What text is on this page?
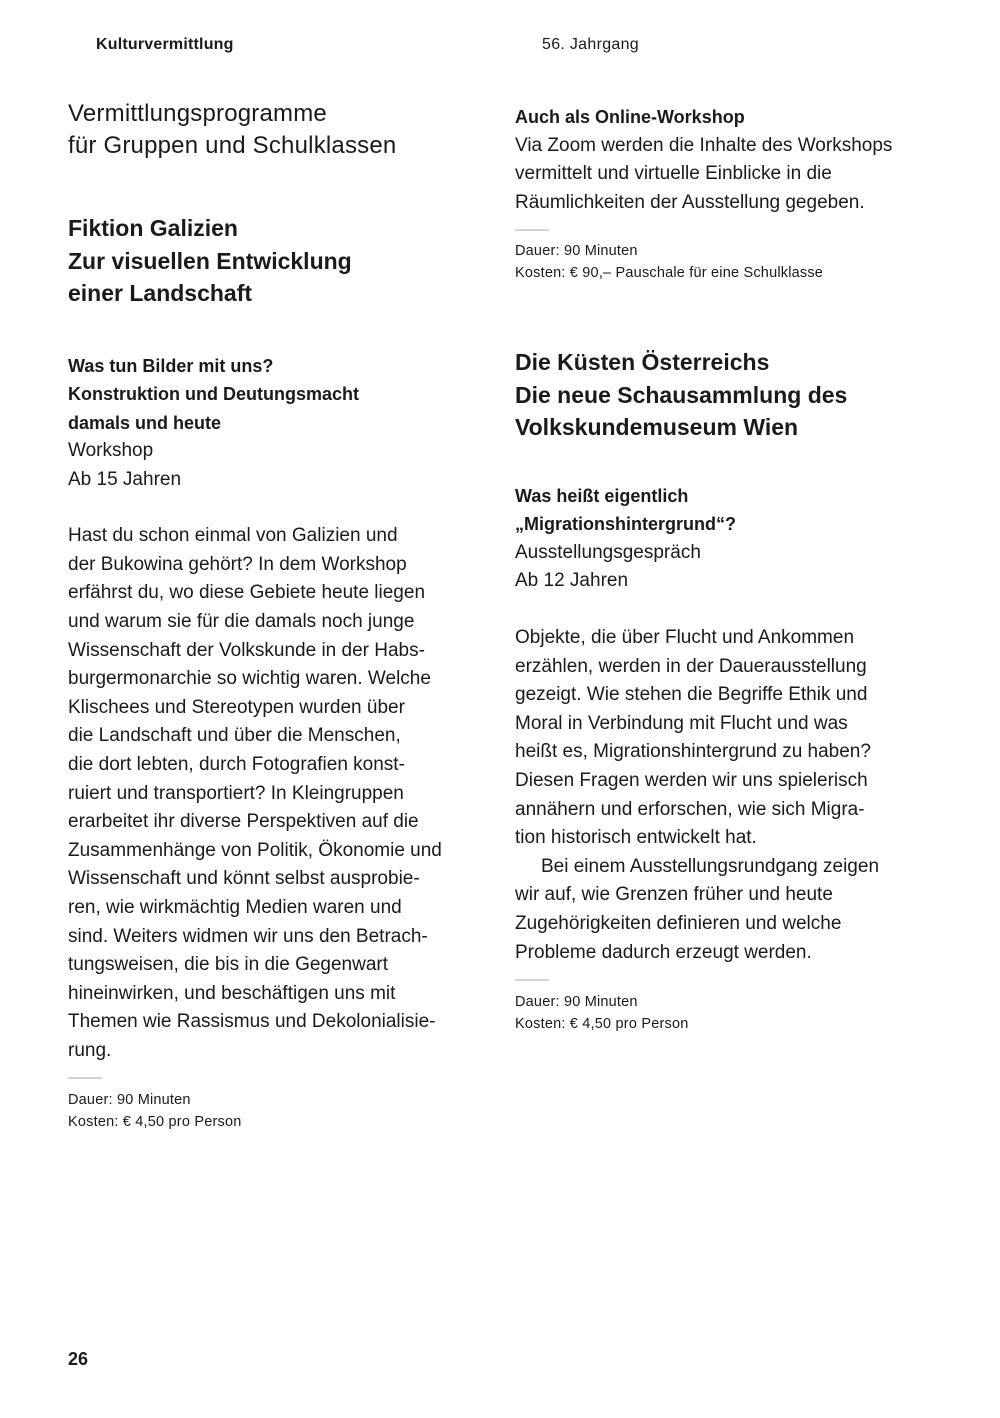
Kulturvermittlung	56. Jahrgang
Vermittlungsprogramme
für Gruppen und Schulklassen
Fiktion Galizien
Zur visuellen Entwicklung
einer Landschaft
Was tun Bilder mit uns?
Konstruktion und Deutungsmacht
damals und heute
Workshop
Ab 15 Jahren
Hast du schon einmal von Galizien und
der Bukowina gehört? In dem Workshop
erfährst du, wo diese Gebiete heute liegen
und warum sie für die damals noch junge
Wissenschaft der Volkskunde in der Habs-
burgermonarchie so wichtig waren. Welche
Klischees und Stereotypen wurden über
die Landschaft und über die Menschen,
die dort lebten, durch Fotografien konst-
ruiert und transportiert? In Kleingruppen
erarbeitet ihr diverse Perspektiven auf die
Zusammenhänge von Politik, Ökonomie und
Wissenschaft und könnt selbst ausprobie-
ren, wie wirkmächtig Medien waren und
sind. Weiters widmen wir uns den Betrach-
tungsweisen, die bis in die Gegenwart
hineinwirken, und beschäftigen uns mit
Themen wie Rassismus und Dekolonialisie-
rung.
Dauer: 90 Minuten
Kosten: € 4,50 pro Person
Auch als Online-Workshop
Via Zoom werden die Inhalte des Workshops
vermittelt und virtuelle Einblicke in die
Räumlichkeiten der Ausstellung gegeben.
Dauer: 90 Minuten
Kosten: € 90,– Pauschale für eine Schulklasse
Die Küsten Österreichs
Die neue Schausammlung des
Volkskundemuseum Wien
Was heißt eigentlich
„Migrationshintergrund“?
Ausstellungsgespräch
Ab 12 Jahren
Objekte, die über Flucht und Ankommen
erzählen, werden in der Dauerausstellung
gezeigt. Wie stehen die Begriffe Ethik und
Moral in Verbindung mit Flucht und was
heißt es, Migrationshintergrund zu haben?
Diesen Fragen werden wir uns spielerisch
annähern und erforschen, wie sich Migra-
tion historisch entwickelt hat.
Bei einem Ausstellungsrundgang zeigen
wir auf, wie Grenzen früher und heute
Zugehörigkeiten definieren und welche
Probleme dadurch erzeugt werden.
Dauer: 90 Minuten
Kosten: € 4,50 pro Person
26
